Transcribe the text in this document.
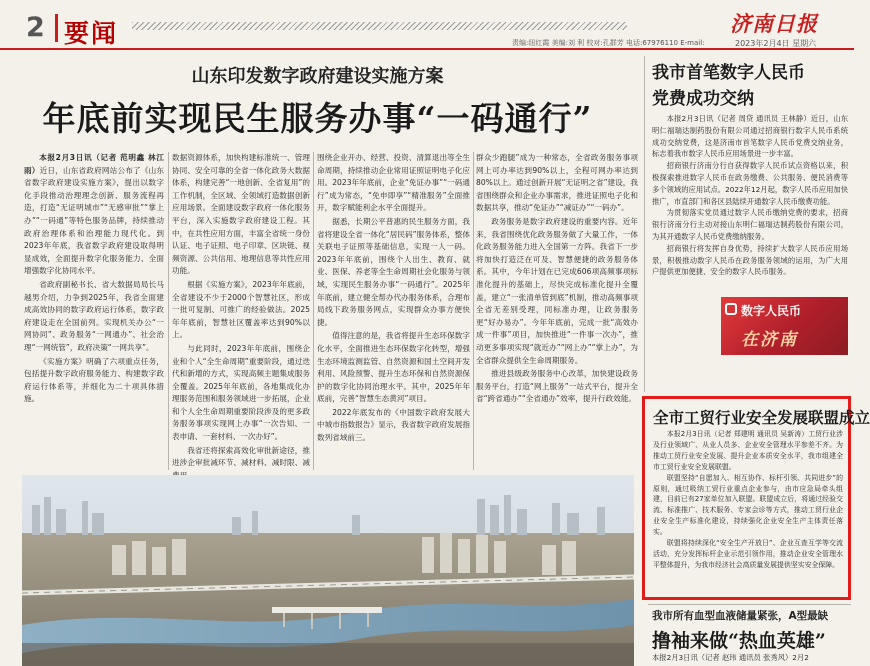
2 要闻	济南日报
责编:纽红霞 美编:刘 利 校对:孔群芳 电话:67976110 E-mail:	2023年2月4日 星期六
山东印发数字政府建设实施方案
年底前实现民生服务办事“一码通行”

本报2月3日讯（记者 范明鑫 林江 雨）近日，山东省政府网站公布了《山东省数字政府建设实施方案》，提出以数字化手段推动治理理念创新、服务流程再造，打造“无证明城市”“无感审批”“掌上办”“一码通”等特色服务品牌，持续推动政府治理体系和治理能力现代化。到2023年年底，我省数字政府建设取得明显成效，全面提升数字化服务能力、全面增强数字化协同水平。

省政府副秘书长、省大数据局局长马越男介绍，力争到2025年，我省全面建成高效协同的数字政府运行体系，数字政府建设走在全国前列。实现机关办公“一网协同”、政务服务“一网通办”、社会治理“一网统管”，政府决策“一网共享”。

《实施方案》明确了六项重点任务，包括提升数字政府服务能力、构建数字政府运行体系等，并细化为二十项具体措施。

数据资源体系，加快构建标准统一、管理协同、安全可靠的全省一体化政务大数据体系，构建完善“一地创新、全省复用”的工作机制，全区域、全领域打造数据创新应用场景。全面建设数字政府一体化服务平台，深入实施数字政府建设工程。其中，在共性应用方面，丰富全省统一身份认证、电子证照、电子印章、区块链、视频资源、公共信用、地理信息等共性应用功能。

根据《实施方案》，2023年年底前，全省建设不少于2000个智慧社区，形成一批可复制、可推广的经验做法。2025年年底前，智慧社区覆盖率达到90%以上。

与此同时，2023年年底前，围绕企业和个人“全生命周期”重要阶段，通过迭代和新增的方式，实现高频主题集成服务全覆盖。2025年年底前，各地集成化办理服务范围和服务领域进一步拓展，企业和个人全生命周期重要阶段涉及的更多政务服务事项实现网上办事“一次告知、一表申请、一套材料、一次办好”。

我省还将探索高效化审批新途径，推进涉企审批减环节、减材料、减时限、减

围绕企业开办、经营、投资、清算退出等全生命周期，持续推动企业常用证照证明电子化应用。2023年年底前，企业“免证办事”“一码通行”成为常态，“免申即享”“精准服务”全面推开，数字赋能利企水平全面提升。

据悉，长期公平普惠的民生服务方面，我省将建设全省一体化“居民码”服务体系，整体关联电子证照等基础信息，实现一人一码。2023年年底前，围绕个人出生、教育、就业、医保、养老等全生命周期社会化服务与领域，实现民生服务办事“一码通行”。2025年年底前，建立健全帮办代办服务体系，合理布局线下政务服务网点，实现群众办事方便快捷。

值得注意的是，我省将提升生态环保数字化水平，全面推进生态环保数字化转型，增强生态环境监测监管、自然资源和国土空间开发利用、风险预警、提升生态环保和自然资源保护的数字化协同治理水平。其中，2025年年底前，完善“智慧生态黄河”项目。

2022年底发布的《中国数字政府发展大中城市指数报告》显示，我省数字政府发展指数列省域前三。

群众少跑腿”成为一种常态，全省政务服务事项网上可办率达到90%以上，全程可网办率达到80%以上。通过创新开展“无证明之省”建设，我省围绕群众和企业办事需求，推进证照电子化和数据共享，推动“免证办”“减证办”“一码办”。

政务服务是数字政府建设的重要内容。近年来，我省围绕优化政务服务做了大量工作，一体化政务服务能力进入全国第一方阵。我省下一步将加快打造泛在可及、智慧便捷的政务服务体系。其中，今年计划在已完成606项高频事项标准化提升的基础上，尽快完成标准化提升全覆盖，建立“一张清单管到底”机制，推动高频事项全省无差别受理，同标准办理，让政务服务更“好办易办”。今年年底前，完成一批“高效办成一件事”项目，加快推进“一件事一次办”，推动更多事项实现“就近办”“网上办”“掌上办”，为全省群众提供全生命周期服务。

推进县级政务服务中心改革，加快建设政务服务平台，打造“网上服务”一站式平台，提升全省“跨省通办”“全省通办”效率，提升行政效能。

我市首笔数字人民币
党费成功交纳

本报2月3日讯（记者 周贷 通讯员 王林静）近日，山东明仁福瑞达制药股份有限公司通过招商银行数字人民币系统成功交纳党费，这是济南市首笔数字人民币党费交纳业务，标志着我市数字人民币应用场景进一步丰富。

招商银行济南分行自获得数字人民币试点资格以来，积极探索推进数字人民币在政务缴费、公共服务、便民消费等多个领域的应用试点。2022年12月起，数字人民币应用加快推广，市直部门和各区县陆续开通数字人民币缴费功能。

为贯彻落实党员通过数字人民币缴纳党费的要求，招商银行济南分行主动对接山东明仁福瑞达制药股份有限公司，为其开通数字人民币党费缴纳服务。

招商银行将发挥自身优势，持续扩大数字人民币应用场景，积极推动数字人民币在政务服务领域的运用，为广大用户提供更加便捷、安全的数字人民币服务。

数字人民币
在济南
全市工贸行业安全发展联盟成立

本报2月3日讯（记者 郑建明 通讯员 吴新涛）工贸行业涉及行业领域广、从业人员多、企业安全管理水平参差不齐。为推动工贸行业安全发展、提升企业本质安全水平，我市组建全市工贸行业安全发展联盟。

联盟坚持“自愿加入、相互协作、标杆引领、共同进步”的原则，通过吸纳工贸行业重点企业参与，由市应急局牵头组建，目前已有27家单位加入联盟。联盟成立后，将通过经验交流、标准推广、技术服务、专家会诊等方式，推动工贸行业企业安全生产标准化建设，持续强化企业安全生产主体责任落实。

联盟将持续深化“安全生产开放日”、企业互查互学等交流活动，充分发挥标杆企业示范引领作用，推动企业安全管理水平整体提升，为我市经济社会高质量发展提供坚实安全保障。

我市所有血型血液储量紧张，A型最缺
撸袖来做“热血英雄”
本报2月3日讯（记者 赵玮 通讯员 张秀风）2月2
